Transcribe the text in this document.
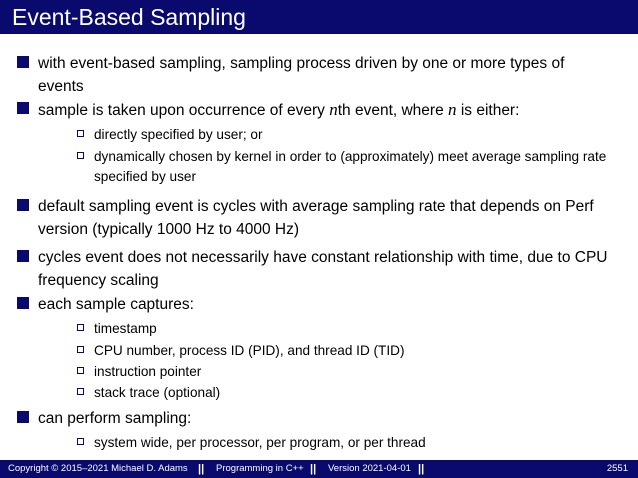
Event-Based Sampling
with event-based sampling, sampling process driven by one or more types of events
sample is taken upon occurrence of every nth event, where n is either:
directly specified by user; or
dynamically chosen by kernel in order to (approximately) meet average sampling rate specified by user
default sampling event is cycles with average sampling rate that depends on Perf version (typically 1000 Hz to 4000 Hz)
cycles event does not necessarily have constant relationship with time, due to CPU frequency scaling
each sample captures:
timestamp
CPU number, process ID (PID), and thread ID (TID)
instruction pointer
stack trace (optional)
can perform sampling:
system wide, per processor, per program, or per thread
Copyright © 2015–2021 Michael D. Adams || Programming in C++ || Version 2021-04-01 ||	2551
